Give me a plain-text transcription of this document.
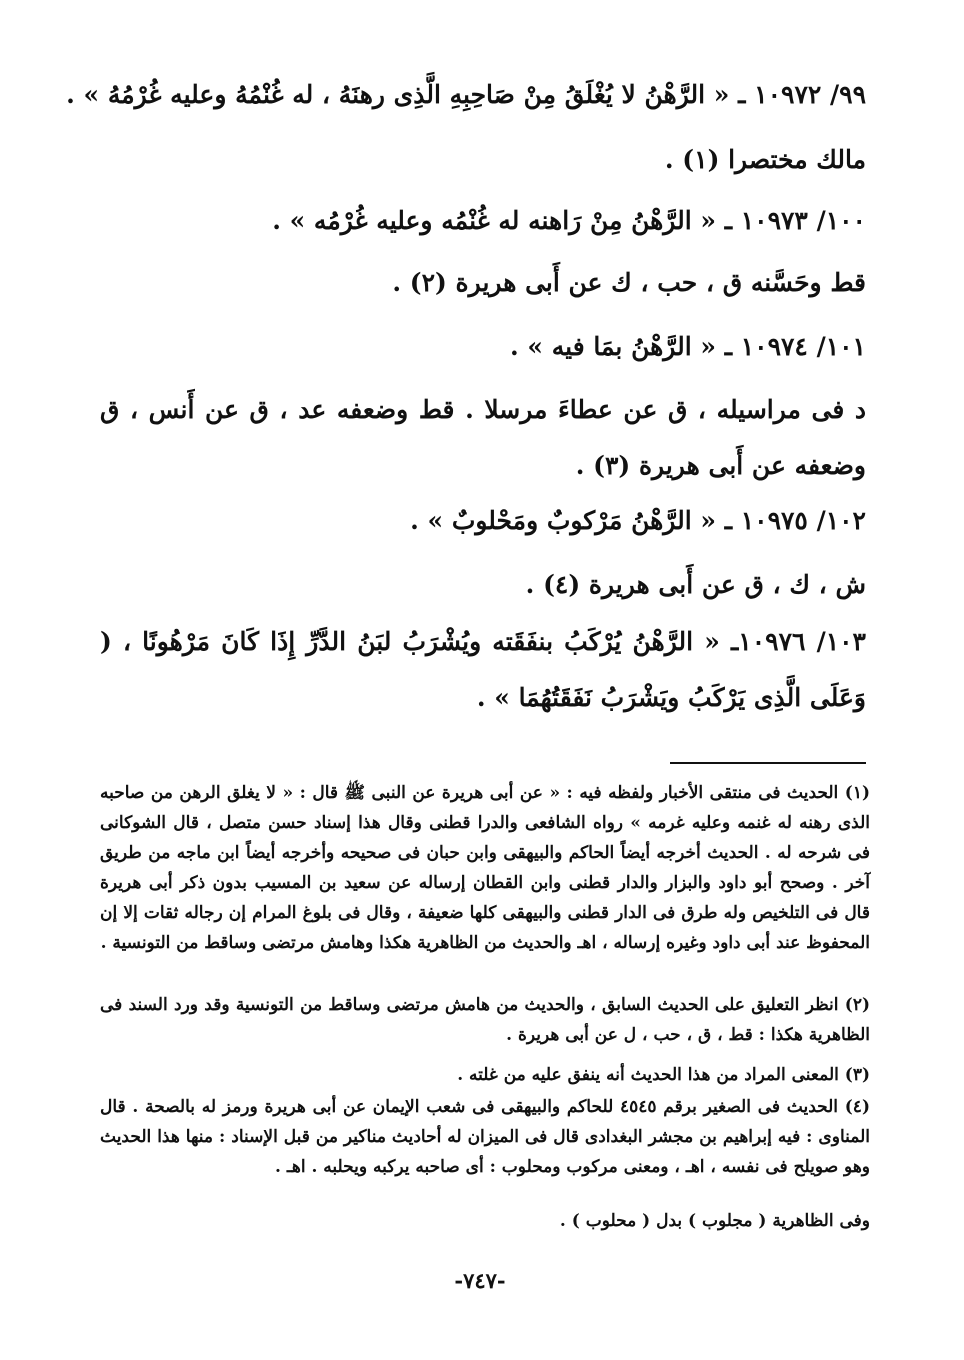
٩٩/ ١٠٩٧٢ ـ « الرَّهْنُ لا يُغْلَقُ مِنْ صَاحِبِهِ الَّذِى رهنَهُ ، له غُنْمُهُ وعليه غُرْمُهُ » .
مالك مختصرا (١) .
١٠٠/ ١٠٩٧٣ ـ « الرَّهْنُ مِنْ رَاهنه له غُنْمُه وعليه غُرْمُه » .
قط وحَسَّنه ق ، حب ، ك عن أَبى هريرة (٢) .
١٠١/ ١٠٩٧٤ ـ « الرَّهْنُ بمَا فيه » .
د فى مراسيله ، ق عن عطاءَ مرسلا . قط وضعفه عد ، ق عن أَنس ، ق وضعفه عن أَبى هريرة (٣) .
١٠٢/ ١٠٩٧٥ ـ « الرَّهْنُ مَرْكوبٌ ومَحْلوبٌ » .
ش ، ك ، ق عن أَبى هريرة (٤) .
١٠٣/ ١٠٩٧٦ـ « الرَّهْنُ يُرْكَبُ بنفَقَته ويُشْرَبُ لبَنُ الدَّرِّ إِذَا كَانَ مَرْهُونًا ، ( وَعَلَى الَّذِى يَرْكَبُ ويَشْرَبُ نَفَقَتُهُمَا » .
(١) الحديث فى منتقى الأخبار ولفظه فيه : « عن أبى هريرة عن النبى ﷺ قال : « لا يغلق الرهن من صاحبه الذى رهنه له غنمه وعليه غرمه » رواه الشافعى والدرا قطنى وقال هذا إسناد حسن متصل ، قال الشوكانى فى شرحه له . الحديث أخرجه أيضاً الحاكم والبيهقى وابن حبان فى صحيحه وأخرجه أيضاً ابن ماجه من طريق آخر . وصحح أبو داود والبزار والدار قطنى وابن القطان إرساله عن سعيد بن المسيب بدون ذكر أبى هريرة قال فى التلخيص وله طرق فى الدار قطنى والبيهقى كلها ضعيفة ، وقال فى بلوغ المرام إن رجاله ثقات إلا إن المحفوظ عند أبى داود وغيره إرساله ، اهـ والحديث من الظاهرية هكذا وهامش مرتضى وساقط من التونسية .
(٢) انظر التعليق على الحديث السابق ، والحديث من هامش مرتضى وساقط من التونسية وقد ورد السند فى الظاهرية هكذا : قط ، ق ، حب ، ل عن أبى هريرة .
(٣) المعنى المراد من هذا الحديث أنه ينفق عليه من غلته .
(٤) الحديث فى الصغير برقم ٤٥٤٥ للحاكم والبيهقى فى شعب الإيمان عن أبى هريرة ورمز له بالصحة . قال المناوى : فيه إبراهيم بن مجشر البغدادى قال فى الميزان له أحاديث مناكير من قبل الإسناد : منها هذا الحديث وهو صويلح فى نفسه ، اهـ ، ومعنى مركوب ومحلوب : أى صاحبه يركبه ويحلبه . اهـ .
وفى الظاهرية ( مجلوب ) بدل ( محلوب ) .
-٧٤٧-
